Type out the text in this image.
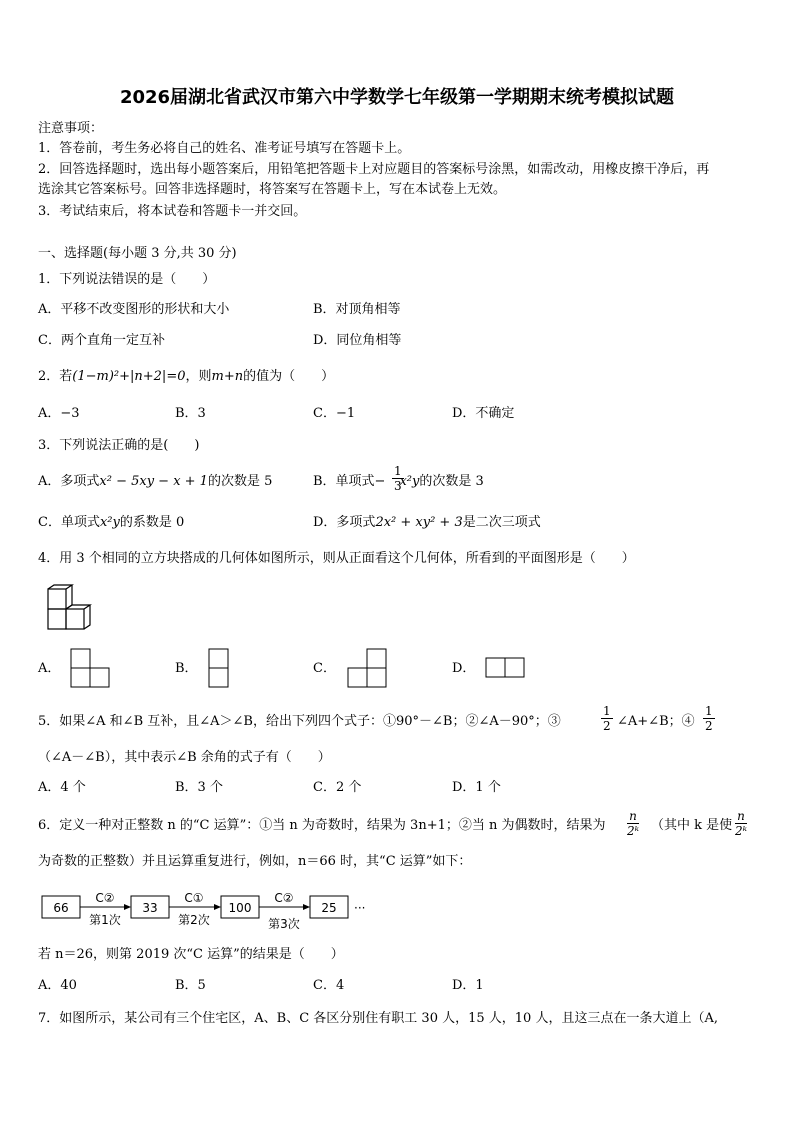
2026届湖北省武汉市第六中学数学七年级第一学期期末统考模拟试题
注意事项：
1．答卷前，考生务必将自己的姓名、准考证号填写在答题卡上。
2．回答选择题时，选出每小题答案后，用铅笔把答题卡上对应题目的答案标号涂黑，如需改动，用橡皮擦干净后，再
选涂其它答案标号。回答非选择题时，将答案写在答题卡上，写在本试卷上无效。
3．考试结束后，将本试卷和答题卡一并交回。
一、选择题(每小题 3 分,共 30 分)
1．下列说法错误的是（　　）
A．平移不改变图形的形状和大小	B．对顶角相等
C．两个直角一定互补	D．同位角相等
2．若(1−m)²+|n+2|=0，则m+n的值为（　　）
A．−3	B．3	C．−1	D．不确定
3．下列说法正确的是(　　)
A．多项式x² − 5xy − x + 1的次数是 5	B．单项式− x²y的次数是 3
$\frac{1}{3}$
C．单项式x²y的系数是 0	D．多项式2x² + xy² + 3是二次三项式
4．用 3 个相同的立方块搭成的几何体如图所示，则从正面看这个几何体，所看到的平面图形是（　　）
A．	B．	C．	D．
5．如果∠A 和∠B 互补，且∠A＞∠B，给出下列四个式子：①90°－∠B；②∠A－90°；③	$\frac{1}{2}$ ∠A+∠B；④ $\frac{1}{2}$
（∠A－∠B），其中表示∠B 余角的式子有（　　）
A．4 个	B．3 个	C．2 个	D．1 个
6．定义一种对正整数 n 的“C 运算”：①当 n 为奇数时，结果为 3n+1；②当 n 为偶数时，结果为 $\frac{n}{\text{2ᵏ}}$ （其中 k 是使 $\frac{n}{\text{2ᵏ}}$
为奇数的正整数）并且运算重复进行，例如，n＝66 时，其“C 运算”如下：
66	33	100	25
C②	C①	C②
第1次	第2次	第3次
···
若 n＝26，则第 2019 次“C 运算”的结果是（　　）
A．40	B．5	C．4	D．1
7．如图所示，某公司有三个住宅区，A、B、C 各区分别住有职工 30 人，15 人，10 人，且这三点在一条大道上（A,
